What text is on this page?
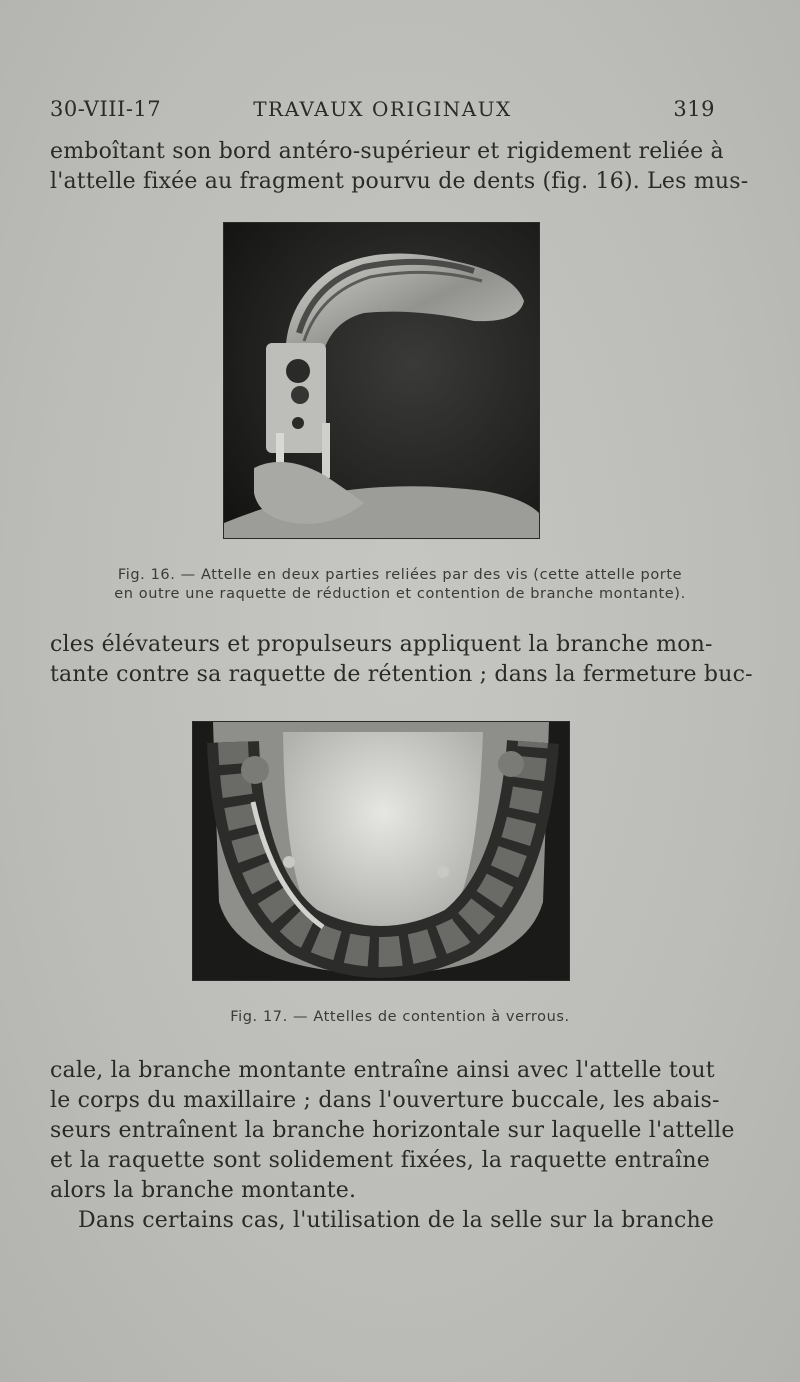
30-VIII-17	TRAVAUX ORIGINAUX	319

emboîtant son bord antéro-supérieur et rigidement reliée à
l'attelle fixée au fragment pourvu de dents (fig. 16). Les mus-

Fig. 16. — Attelle en deux parties reliées par des vis (cette attelle porte
en outre une raquette de réduction et contention de branche montante).

cles élévateurs et propulseurs appliquent la branche mon-
tante contre sa raquette de rétention ; dans la fermeture buc-

Fig. 17. — Attelles de contention à verrous.

cale, la branche montante entraîne ainsi avec l'attelle tout
le corps du maxillaire ; dans l'ouverture buccale, les abais-
seurs entraînent la branche horizontale sur laquelle l'attelle
et la raquette sont solidement fixées, la raquette entraîne
alors la branche montante.

Dans certains cas, l'utilisation de la selle sur la branche
